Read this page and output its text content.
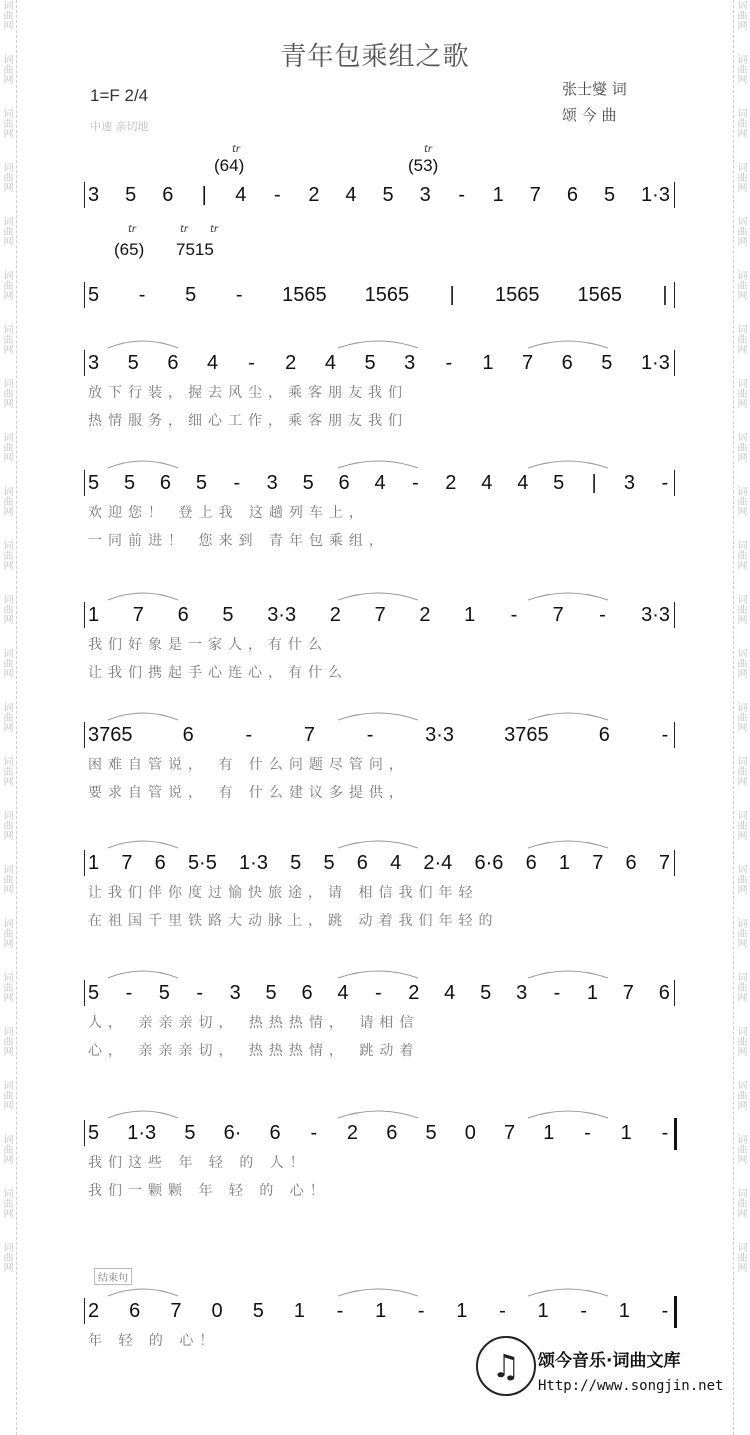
词曲网
词曲网
词曲网
词曲网
词曲网
词曲网
词曲网
词曲网
词曲网
词曲网
词曲网
词曲网
词曲网
词曲网
词曲网
词曲网
词曲网
词曲网
词曲网
词曲网
词曲网
词曲网
词曲网
词曲网
词曲网
词曲网
词曲网
词曲网
词曲网
词曲网
词曲网
词曲网
词曲网
词曲网
词曲网
词曲网
词曲网
词曲网
词曲网
词曲网
词曲网
词曲网
词曲网
词曲网
词曲网
词曲网
词曲网
词曲网
青年包乘组之歌
1=F 2/4
中速 亲切地
张士燮 词
颂 今 曲
tr
(64)
tr
(53)
tr
(65)
tr tr
7515
3 5 6 | 4 - 2 4 5 3 - 1 7 6 5 1·3
5 - 5 - 1565 1565 | 1565 1565 |
3 5 6 4 - 2 4 5 3 - 1 7 6 5 1·3
放下行装，握去风尘，乘客朋友我们
热情服务，细心工作，乘客朋友我们
5 5 6 5 - 3 5 6 4 - 2 4 4 5 | 3 -
欢迎您！ 登上我 这趟列车上，
一同前进！ 您来到 青年包乘组，
1 7 6 5 3·3 2 7 2 1 - 7 - 3·3
我们好象是一家人，有什么
让我们携起手心连心，有什么
3765	6	-	7	-	3·3	3765	6	-
困难自管说， 有 什么问题尽管问，
要求自管说， 有 什么建议多提供，
1 7 6 5·5 1·3 5 5 6 4 2·4 6·6 6 1 7 6 7
让我们伴你度过愉快旅途，请 相信我们年轻
在祖国千里铁路大动脉上，跳 动着我们年轻的
5 - 5 - 3 5 6 4 - 2 4 5 3 - 1 7 6
人， 亲亲亲切， 热热热情， 请相信
心， 亲亲亲切， 热热热情， 跳动着
5 1·3 5 6· 6 - 2 6 5 0 7 1 - 1 -
我们这些 年 轻 的 人！
我们一颗颗 年 轻 的 心！
2 6 7 0 5 1 - 1 - 1 - 1 - 1 -
年 轻 的 心！
结束句
♫	颂今音乐·词曲文库
Http://www.songjin.net
